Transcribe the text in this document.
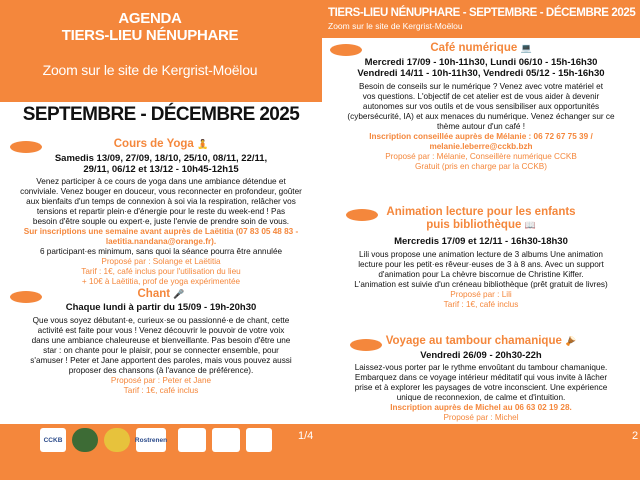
AGENDA
TIERS-LIEU NÉNUPHARE
Zoom sur le site de Kergrist-Moëlou
SEPTEMBRE - DÉCEMBRE 2025
Cours de Yoga 🧘
Samedis 13/09, 27/09, 18/10, 25/10, 08/11, 22/11,
29/11, 06/12 et 13/12 - 10h45-12h15
Venez participer à ce cours de yoga dans une ambiance détendue et
conviviale. Venez bouger en douceur, vous reconnecter en profondeur, goûter
aux bienfaits d'un temps de connexion à soi via la respiration, relâcher vos
tensions et repartir plein·e d'énergie pour le reste du week-end ! Pas
besoin d'être souple ou expert·e, juste l'envie de prendre soin de vous.
Sur inscriptions une semaine avant auprès de Laëtitia (07 83 05 48 83 -
laetitia.nandana@orange.fr).
6 participant·es minimum, sans quoi la séance pourra être annulée
Proposé par : Solange et Laëtitia
Tarif : 1€, café inclus pour l'utilisation du lieu
+ 10€ à Laëtitia, prof de yoga expérimentée
Chant 🎤
Chaque lundi à partir du 15/09 - 19h-20h30
Que vous soyez débutant·e, curieux·se ou passionné·e de chant, cette
activité est faite pour vous ! Venez découvrir le pouvoir de votre voix
dans une ambiance chaleureuse et bienveillante. Pas besoin d'être une
star : on chante pour le plaisir, pour se connecter ensemble, pour
s'amuser ! Peter et Jane apportent des paroles, mais vous pouvez aussi
proposer des chansons (à l'avance de préférence).
Proposé par : Peter et Jane
Tarif : 1€, café inclus
TIERS-LIEU NÉNUPHARE - SEPTEMBRE - DÉCEMBRE 2025
Zoom sur le site de Kergrist-Moëlou
Café numérique 💻
Mercredi 17/09 - 10h-11h30, Lundi 06/10 - 15h-16h30
Vendredi 14/11 - 10h-11h30, Vendredi 05/12 - 15h-16h30
Besoin de conseils sur le numérique ? Venez avec votre matériel et
vos questions. L'objectif de cet atelier est de vous aider à devenir
autonomes sur vos outils et de vous sensibiliser aux opportunités
(cybersécurité, IA) et aux menaces du numérique. Venez échanger sur ce
thème autour d'un café !
Inscription conseillée auprès de Mélanie : 06 72 67 75 39 /
melanie.leberre@cckb.bzh
Proposé par : Mélanie, Conseillère numérique CCKB
Gratuit (pris en charge par la CCKB)
Animation lecture pour les enfants
puis bibliothèque 📖
Mercredis 17/09 et 12/11 - 16h30-18h30
Lili vous propose une animation lecture de 3 albums Une animation
lecture pour les petit·es rêveur·euses de 3 à 8 ans. Avec un support
d'animation pour La chèvre biscornue de Christine Kiffer.
L'animation est suivie d'un créneau bibliothèque (prêt gratuit de livres)
Proposé par : Lili
Tarif : 1€, café inclus
Voyage au tambour chamanique 🪘
Vendredi 26/09 - 20h30-22h
Laissez-vous porter par le rythme envoûtant du tambour chamanique.
Embarquez dans ce voyage intérieur méditatif qui vous invite à lâcher
prise et à explorer les paysages de votre inconscient. Une expérience
unique de reconnexion, de calme et d'intuition.
Inscription auprès de Michel au 06 63 02 19 28.
Proposé par : Michel
CCKB	Rostrenen	1/4	2
